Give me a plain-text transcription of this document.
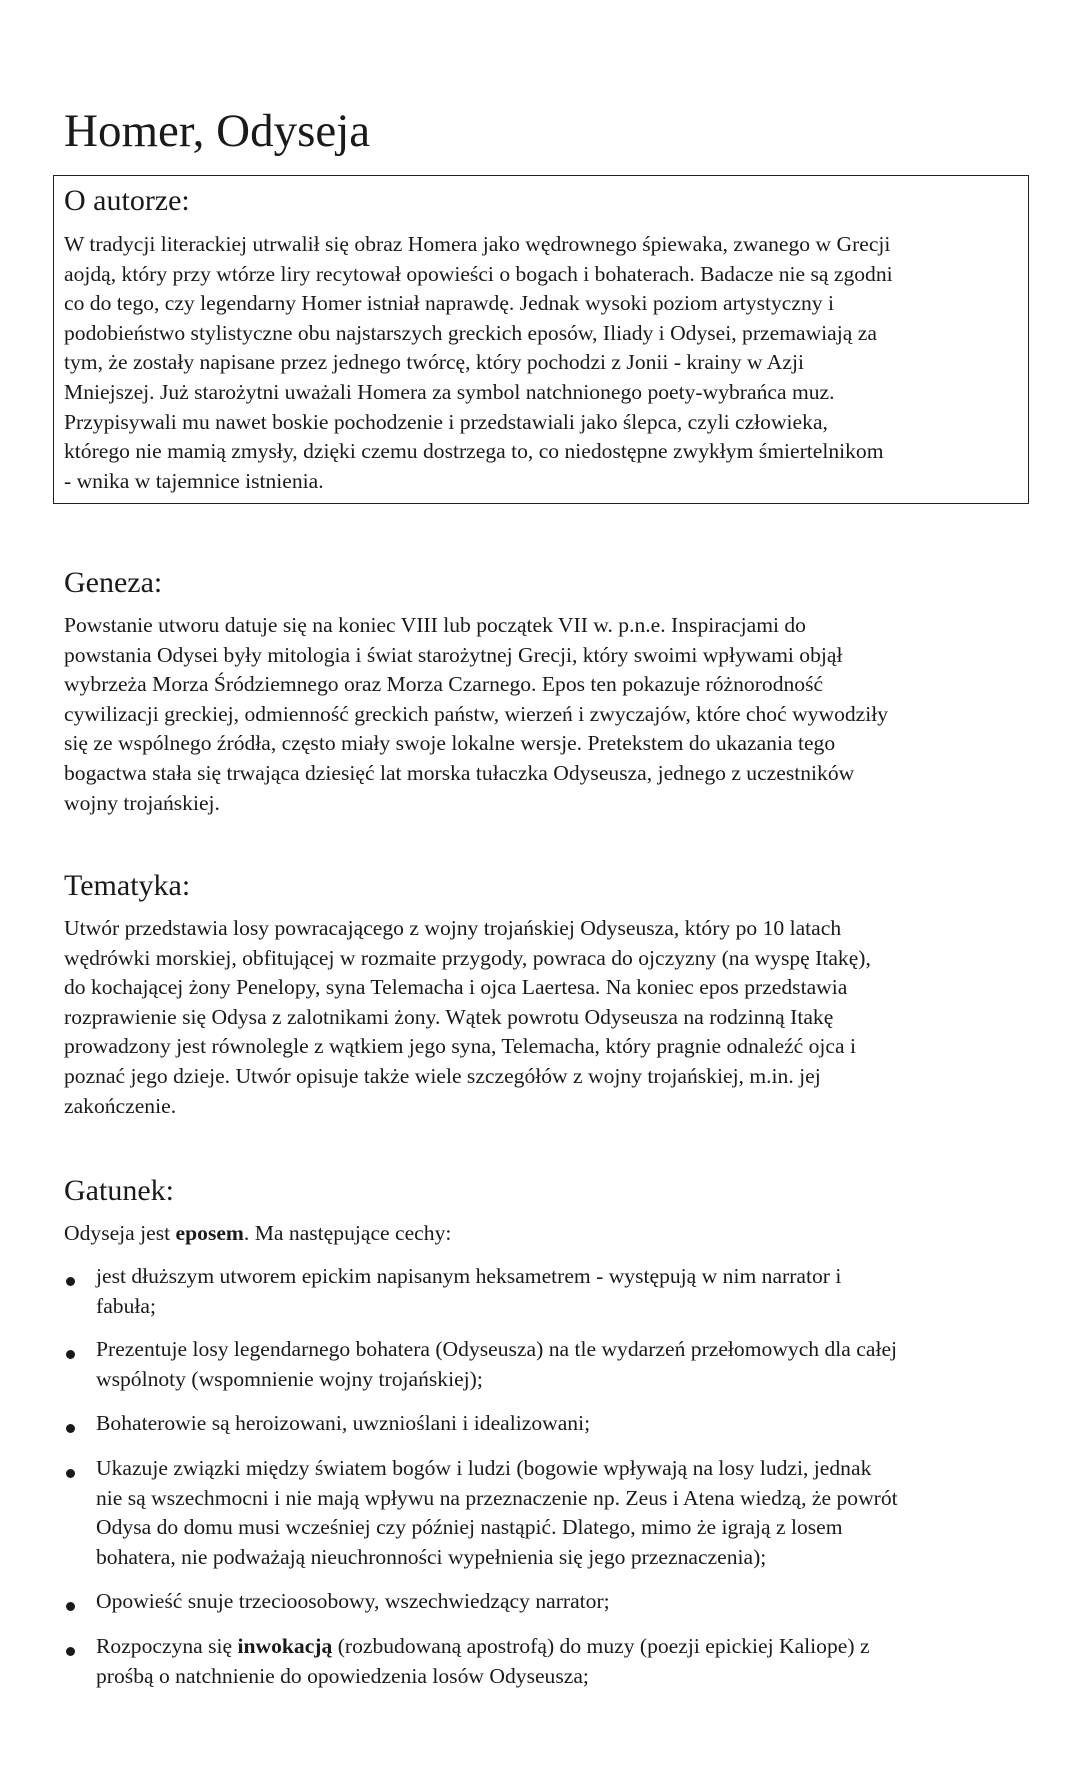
Homer, Odyseja
O autorze:

W tradycji literackiej utrwalił się obraz Homera jako wędrownego śpiewaka, zwanego w Grecji
aojdą, który przy wtórze liry recytował opowieści o bogach i bohaterach. Badacze nie są zgodni
co do tego, czy legendarny Homer istniał naprawdę. Jednak wysoki poziom artystyczny i
podobieństwo stylistyczne obu najstarszych greckich eposów, Iliady i Odysei, przemawiają za
tym, że zostały napisane przez jednego twórcę, który pochodzi z Jonii - krainy w Azji
Mniejszej. Już starożytni uważali Homera za symbol natchnionego poety-wybrańca muz.
Przypisywali mu nawet boskie pochodzenie i przedstawiali jako ślepca, czyli człowieka,
którego nie mamią zmysły, dzięki czemu dostrzega to, co niedostępne zwykłym śmiertelnikom
- wnika w tajemnice istnienia.

Geneza:

Powstanie utworu datuje się na koniec VIII lub początek VII w. p.n.e. Inspiracjami do
powstania Odysei były mitologia i świat starożytnej Grecji, który swoimi wpływami objął
wybrzeża Morza Śródziemnego oraz Morza Czarnego. Epos ten pokazuje różnorodność
cywilizacji greckiej, odmienność greckich państw, wierzeń i zwyczajów, które choć wywodziły
się ze wspólnego źródła, często miały swoje lokalne wersje. Pretekstem do ukazania tego
bogactwa stała się trwająca dziesięć lat morska tułaczka Odyseusza, jednego z uczestników
wojny trojańskiej.

Tematyka:

Utwór przedstawia losy powracającego z wojny trojańskiej Odyseusza, który po 10 latach
wędrówki morskiej, obfitującej w rozmaite przygody, powraca do ojczyzny (na wyspę Itakę),
do kochającej żony Penelopy, syna Telemacha i ojca Laertesa. Na koniec epos przedstawia
rozprawienie się Odysa z zalotnikami żony. Wątek powrotu Odyseusza na rodzinną Itakę
prowadzony jest równolegle z wątkiem jego syna, Telemacha, który pragnie odnaleźć ojca i
poznać jego dzieje. Utwór opisuje także wiele szczegółów z wojny trojańskiej, m.in. jej
zakończenie.

Gatunek:

Odyseja jest eposem. Ma następujące cechy:

jest dłuższym utworem epickim napisanym heksametrem - występują w nim narrator i
fabuła;
Prezentuje losy legendarnego bohatera (Odyseusza) na tle wydarzeń przełomowych dla całej
wspólnoty (wspomnienie wojny trojańskiej);
Bohaterowie są heroizowani, uwznioślani i idealizowani;
Ukazuje związki między światem bogów i ludzi (bogowie wpływają na losy ludzi, jednak
nie są wszechmocni i nie mają wpływu na przeznaczenie np. Zeus i Atena wiedzą, że powrót
Odysa do domu musi wcześniej czy później nastąpić. Dlatego, mimo że igrają z losem
bohatera, nie podważają nieuchronności wypełnienia się jego przeznaczenia);
Opowieść snuje trzecioosobowy, wszechwiedzący narrator;
Rozpoczyna się inwokacją (rozbudowaną apostrofą) do muzy (poezji epickiej Kaliope) z
prośbą o natchnienie do opowiedzenia losów Odyseusza;
